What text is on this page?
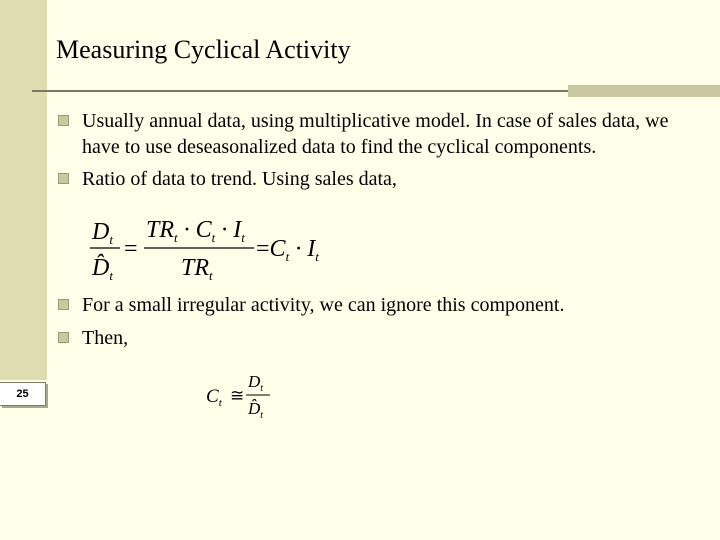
25
Measuring Cyclical Activity
Usually annual data, using multiplicative model. In case of sales data, we have to use deseasonalized data to find the cyclical components.
Ratio of data to trend. Using sales data,
For a small irregular activity, we can ignore this component.
Then,
$D_t$
$D̂_t$
=
$TR_t \cdot C_t \cdot I_t$
$TR_t$
$=C_t \cdot I_t$
$C_t$ ≅
$D_t$
$D̂_t$
